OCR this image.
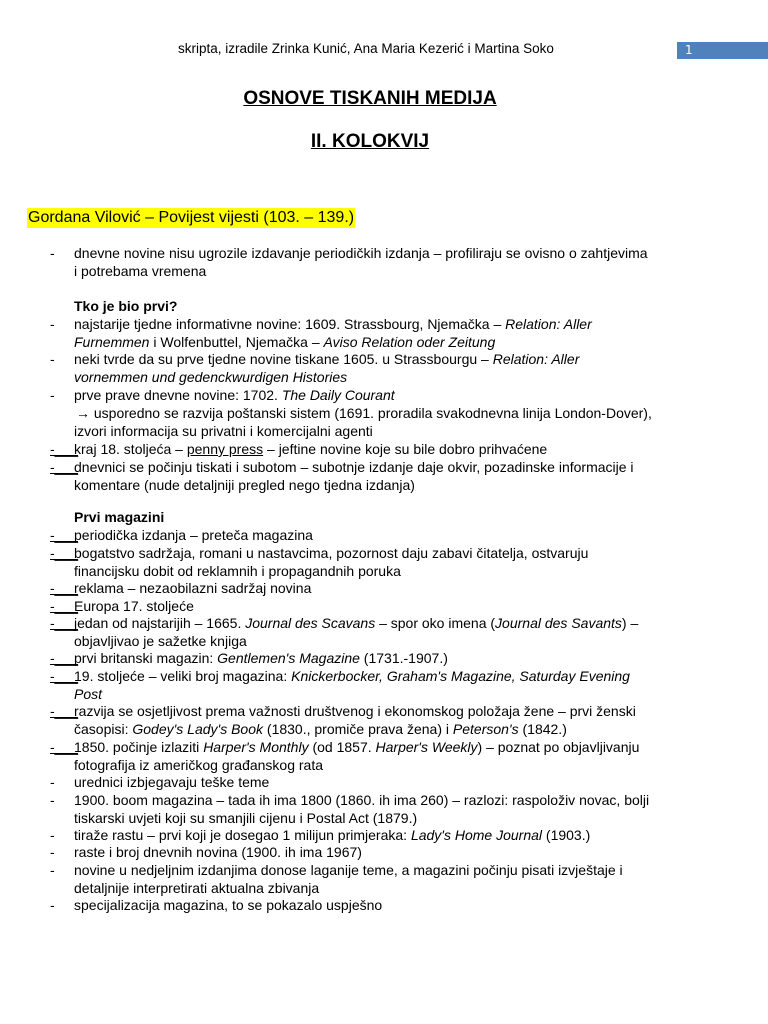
skripta, izradile Zrinka Kunić, Ana Maria Kezerić i Martina Soko	1
OSNOVE TISKANIH MEDIJA
II. KOLOKVIJ
Gordana Vilović – Povijest vijesti (103. – 139.)
- dnevne novine nisu ugrozile izdavanje periodičkih izdanja – profiliraju se ovisno o zahtjevima
i potrebama vremena
Tko je bio prvi?
- najstarije tjedne informativne novine: 1609. Strassbourg, Njemačka – Relation: Aller
Furnemmen i Wolfenbuttel, Njemačka – Aviso Relation oder Zeitung
- neki tvrde da su prve tjedne novine tiskane 1605. u Strassbourgu – Relation: Aller
vornemmen und gedenckwurdigen Histories
- prve prave dnevne novine: 1702. The Daily Courant
→ usporedno se razvija poštanski sistem (1691. proradila svakodnevna linija London-Dover),
izvori informacija su privatni i komercijalni agenti
-___
kraj 18. stoljeća – penny press – jeftine novine koje su bile dobro prihvaćene
-___
dnevnici se počinju tiskati i subotom – subotnje izdanje daje okvir, pozadinske informacije i
komentare (nude detaljniji pregled nego tjedna izdanja)
Prvi magazini
-___
periodička izdanja – preteča magazina
-___
bogatstvo sadržaja, romani u nastavcima, pozornost daju zabavi čitatelja, ostvaruju
financijsku dobit od reklamnih i propagandnih poruka
-___
reklama – nezaobilazni sadržaj novina
-___
Europa 17. stoljeće
-___
jedan od najstarijih – 1665. Journal des Scavans – spor oko imena (Journal des Savants) –
objavljivao je sažetke knjiga
-___
prvi britanski magazin: Gentlemen's Magazine (1731.-1907.)
-___
19. stoljeće – veliki broj magazina: Knickerbocker, Graham's Magazine, Saturday Evening
Post
-___
razvija se osjetljivost prema važnosti društvenog i ekonomskog položaja žene – prvi ženski
časopisi: Godey's Lady's Book (1830., promiče prava žena) i Peterson's (1842.)
-___
1850. počinje izlaziti Harper's Monthly (od 1857. Harper's Weekly) – poznat po objavljivanju
fotografija iz američkog građanskog rata
- urednici izbjegavaju teške teme
- 1900. boom magazina – tada ih ima 1800 (1860. ih ima 260) – razlozi: raspoloživ novac, bolji
tiskarski uvjeti koji su smanjili cijenu i Postal Act (1879.)
- tiraže rastu – prvi koji je dosegao 1 milijun primjeraka: Lady's Home Journal (1903.)
- raste i broj dnevnih novina (1900. ih ima 1967)
- novine u nedjeljnim izdanjima donose laganije teme, a magazini počinju pisati izvještaje i
detaljnije interpretirati aktualna zbivanja
- specijalizacija magazina, to se pokazalo uspješno
